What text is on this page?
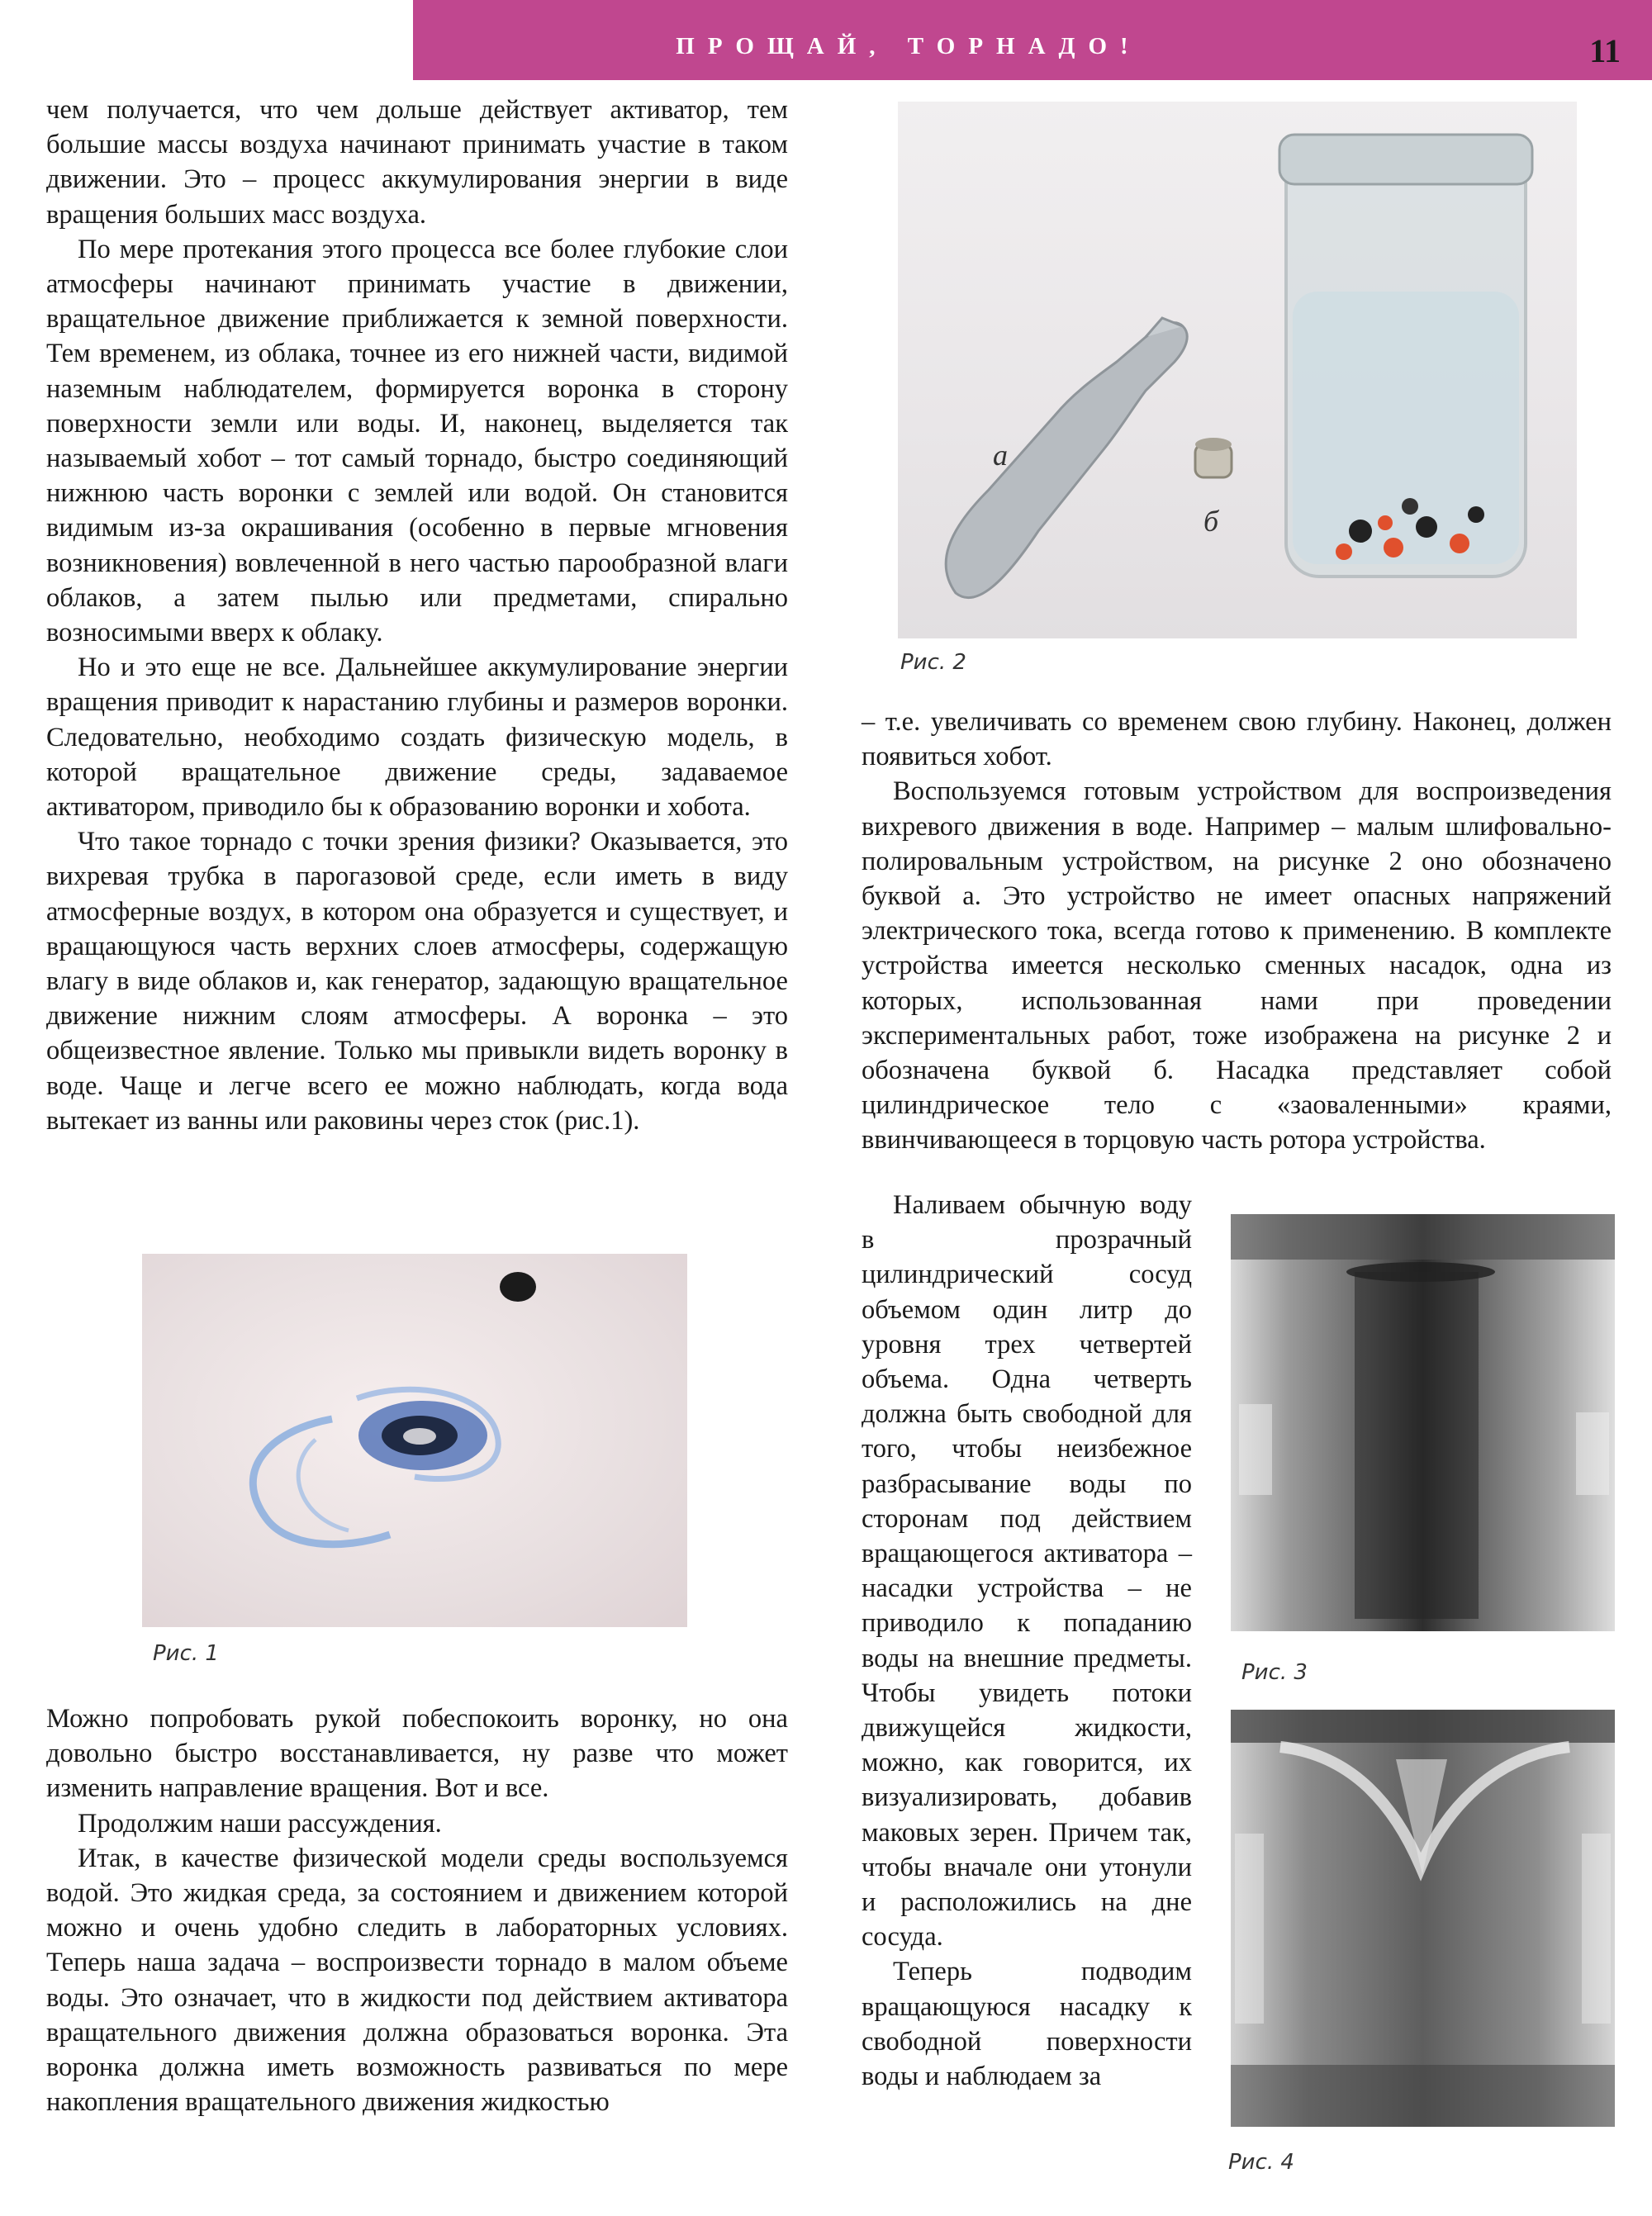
ПРОЩАЙ, ТОРНАДО!	11

чем получается, что чем дольше действует активатор, тем большие массы воздуха начинают принимать участие в таком движении. Это – процесс аккумулирования энергии в виде вращения больших масс воздуха.

По мере протекания этого процесса все более глубокие слои атмосферы начинают принимать участие в движении, вращательное движение приближается к земной поверхности. Тем временем, из облака, точнее из его нижней части, видимой наземным наблюдателем, формируется воронка в сторону поверхности земли или воды. И, наконец, выделяется так называемый хобот – тот самый торнадо, быстро соединяющий нижнюю часть воронки с землей или водой. Он становится видимым из-за окрашивания (особенно в первые мгновения возникновения) вовлеченной в него частью парообразной влаги облаков, а затем пылью или предметами, спирально возносимыми вверх к облаку.

Но и это еще не все. Дальнейшее аккумулирование энергии вращения приводит к нарастанию глубины и размеров воронки. Следовательно, необходимо создать физическую модель, в которой вращательное движение среды, задаваемое активатором, приводило бы к образованию воронки и хобота.

Что такое торнадо с точки зрения физики? Оказывается, это вихревая трубка в парогазовой среде, если иметь в виду атмосферные воздух, в котором она образуется и существует, и вращающуюся часть верхних слоев атмосферы, содержащую влагу в виде облаков и, как генератор, задающую вращательное движение нижним слоям атмосферы. А воронка – это общеизвестное явление. Только мы привыкли видеть воронку в воде. Чаще и легче всего ее можно наблюдать, когда вода вытекает из ванны или раковины через сток (рис.1).

Рис. 1

Можно попробовать рукой побеспокоить воронку, но она довольно быстро восстанавливается, ну разве что может изменить направление вращения. Вот и все.

Продолжим наши рассуждения.

Итак, в качестве физической модели среды воспользуемся водой. Это жидкая среда, за состоянием и движением которой можно и очень удобно следить в лабораторных условиях. Теперь наша задача – воспроизвести торнадо в малом объеме воды. Это означает, что в жидкости под действием активатора вращательного движения должна образоваться воронка. Эта воронка должна иметь возможность развиваться по мере накопления вращательного движения жидкостью

а
б
Рис. 2

– т.е. увеличивать со временем свою глубину. Наконец, должен появиться хобот.

Воспользуемся готовым устройством для воспроизведения вихревого движения в воде. Например – малым шлифовально-полировальным устройством, на рисунке 2 оно обозначено буквой а. Это устройство не имеет опасных напряжений электрического тока, всегда готово к применению. В комплекте устройства имеется несколько сменных насадок, одна из которых, использованная нами при проведении экспериментальных работ, тоже изображена на рисунке 2 и обозначена буквой б. Насадка представляет собой цилиндрическое тело с «заоваленными» краями, ввинчивающееся в торцовую часть ротора устройства.

Наливаем обычную воду в прозрачный цилиндрический сосуд объемом один литр до уровня трех четвертей объема. Одна четверть должна быть свободной для того, чтобы неизбежное разбрасывание воды по сторонам под действием вращающегося активатора – насадки устройства – не приводило к попаданию воды на внешние предметы. Чтобы увидеть потоки движущейся жидкости, можно, как говорится, их визуализировать, добавив маковых зерен. Причем так, чтобы вначале они утонули и расположились на дне сосуда.

Теперь подводим вращающуюся насадку к свободной поверхности воды и наблюдаем за

Рис. 3
Рис. 4
